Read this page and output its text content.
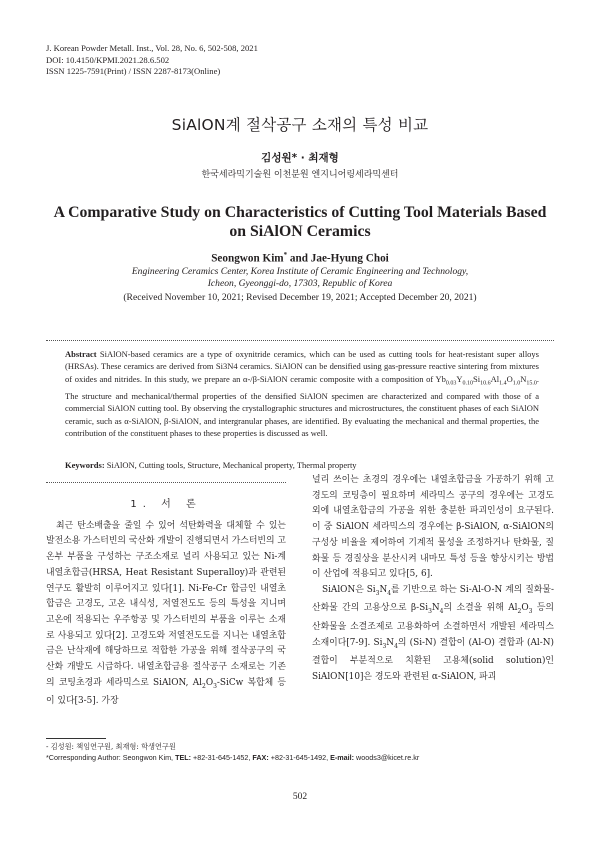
J. Korean Powder Metall. Inst., Vol. 28, No. 6, 502-508, 2021
DOI: 10.4150/KPMI.2021.28.6.502
ISSN 1225-7591(Print) / ISSN 2287-8173(Online)
SiAlON계 절삭공구 소재의 특성 비교
김성원* · 최재형
한국세라믹기술원 이천분원 엔지니어링세라믹센터
A Comparative Study on Characteristics of Cutting Tool Materials Based
on SiAlON Ceramics
Seongwon Kim* and Jae-Hyung Choi
Engineering Ceramics Center, Korea Institute of Ceramic Engineering and Technology,
Icheon, Gyeonggi-do, 17303, Republic of Korea
(Received November 10, 2021; Revised December 19, 2021; Accepted December 20, 2021)
Abstract SiAlON-based ceramics are a type of oxynitride ceramics, which can be used as cutting tools for heat-resistant super alloys (HRSAs). These ceramics are derived from Si3N4 ceramics. SiAlON can be densified using gas-pressure reactive sintering from mixtures of oxides and nitrides. In this study, we prepare an α-/β-SiAlON ceramic composite with a composition of $Yb_{0.03}Y_{0.10}Si_{10.6}Al_{1.4}O_{1.0}N_{15.0}$. The structure and mechanical/thermal properties of the densified SiAlON specimen are characterized and compared with those of a commercial SiAlON cutting tool. By observing the crystallographic structures and microstructures, the constituent phases of each SiAlON ceramic, such as α-SiAlON, β-SiAlON, and intergranular phases, are identified. By evaluating the mechanical and thermal properties, the contribution of the constituent phases to these properties is discussed as well.
Keywords: SiAlON, Cutting tools, Structure, Mechanical property, Thermal property
1. 서 론

최근 탄소배출을 줄일 수 있어 석탄화력을 대체할 수 있는 발전소용 가스터빈의 국산화 개발이 진행되면서 가스터빈의 고온부 부품을 구성하는 구조소재로 널리 사용되고 있는 Ni-계 내열초합금(HRSA, Heat Resistant Superalloy)과 관련된 연구도 활발히 이루어지고 있다[1]. Ni-Fe-Cr 합금인 내열초합금은 고경도, 고온 내식성, 저열전도도 등의 특성을 지니며 고온에 적용되는 우주항공 및 가스터빈의 부품을 이루는 소재로 사용되고 있다[2]. 고경도와 저열전도도를 지니는 내열초합금은 난삭재에 해당하므로 적합한 가공을 위해 절삭공구의 국산화 개발도 시급하다. 내열초합금용 절삭공구 소재로는 기존의 코팅초경과 세라믹스로 SiAlON, $Al_2O_3$-SiCw 복합체 등이 있다[3-5]. 가장

널리 쓰이는 초경의 경우에는 내열초합금을 가공하기 위해 고경도의 코팅층이 필요하며 세라믹스 공구의 경우에는 고경도 외에 내열초합금의 가공을 위한 충분한 파괴인성이 요구된다. 이 중 SiAlON 세라믹스의 경우에는 β-SiAlON, α-SiAlON의 구성상 비율을 제어하여 기계적 물성을 조정하거나 탄화물, 질화물 등 경질상을 분산시켜 내마모 특성 등을 향상시키는 방법이 산업에 적용되고 있다[5, 6].

SiAlON은 $Si_3N_4$를 기반으로 하는 Si-Al-O-N 계의 질화물-산화물 간의 고용상으로 $\beta-Si_3N_4$의 소결을 위해 $Al_2O_3$ 등의 산화물을 소결조제로 고용화하여 소결하면서 개발된 세라믹스 소재이다[7-9]. $Si_3N_4$의 (Si-N) 결합이 (Al-O) 결합과 (Al-N) 결합이 부분적으로 치환된 고용체(solid solution)인 SiAlON[10]은 경도와 관련된 α-SiAlON, 파괴

- 김성원: 책임연구원, 최재형: 학생연구원
*Corresponding Author: Seongwon Kim, TEL: +82-31-645-1452, FAX: +82-31-645-1492, E-mail: woods3@kicet.re.kr
502
